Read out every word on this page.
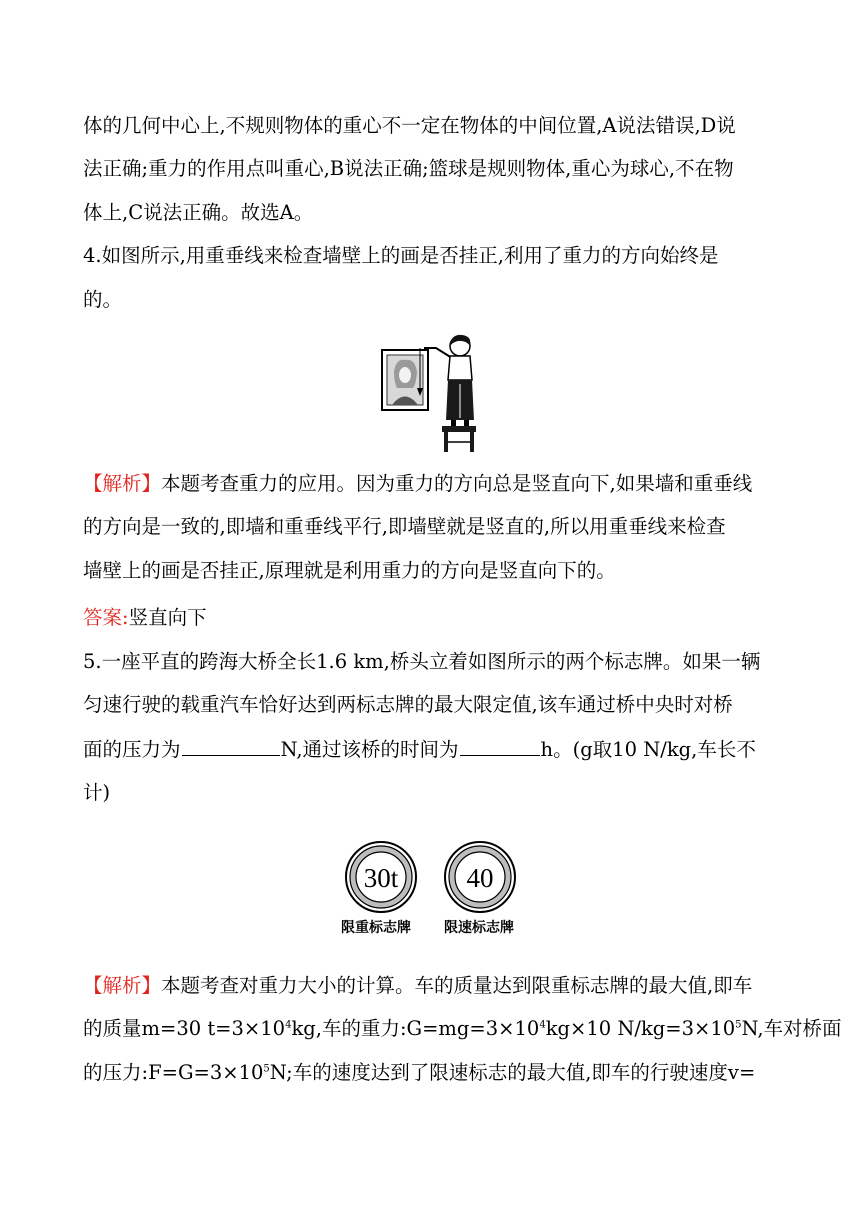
体的几何中心上,不规则物体的重心不一定在物体的中间位置,A说法错误,D说
法正确;重力的作用点叫重心,B说法正确;篮球是规则物体,重心为球心,不在物
体上,C说法正确。故选A。
4.如图所示,用重垂线来检查墙壁上的画是否挂正,利用了重力的方向始终是
的。
【解析】本题考查重力的应用。因为重力的方向总是竖直向下,如果墙和重垂线
的方向是一致的,即墙和重垂线平行,即墙壁就是竖直的,所以用重垂线来检查
墙壁上的画是否挂正,原理就是利用重力的方向是竖直向下的。
答案:竖直向下
5.一座平直的跨海大桥全长1.6 km,桥头立着如图所示的两个标志牌。如果一辆
匀速行驶的载重汽车恰好达到两标志牌的最大限定值,该车通过桥中央时对桥
面的压力为	N,通过该桥的时间为	h。(g取10 N/kg,车长不
计)
30t	40
限重标志牌 限速标志牌
【解析】本题考查对重力大小的计算。车的质量达到限重标志牌的最大值,即车
的质量m=30 $t=3\times 10^4kg$,车的重力$:G=mg=3\times 10^4kg\times 10$ $N/kg=3\times 10^5N$,车对桥面
的压力$:F=G=3\times 10^5N$;车的速度达到了限速标志的最大值,即车的行驶速度v=
